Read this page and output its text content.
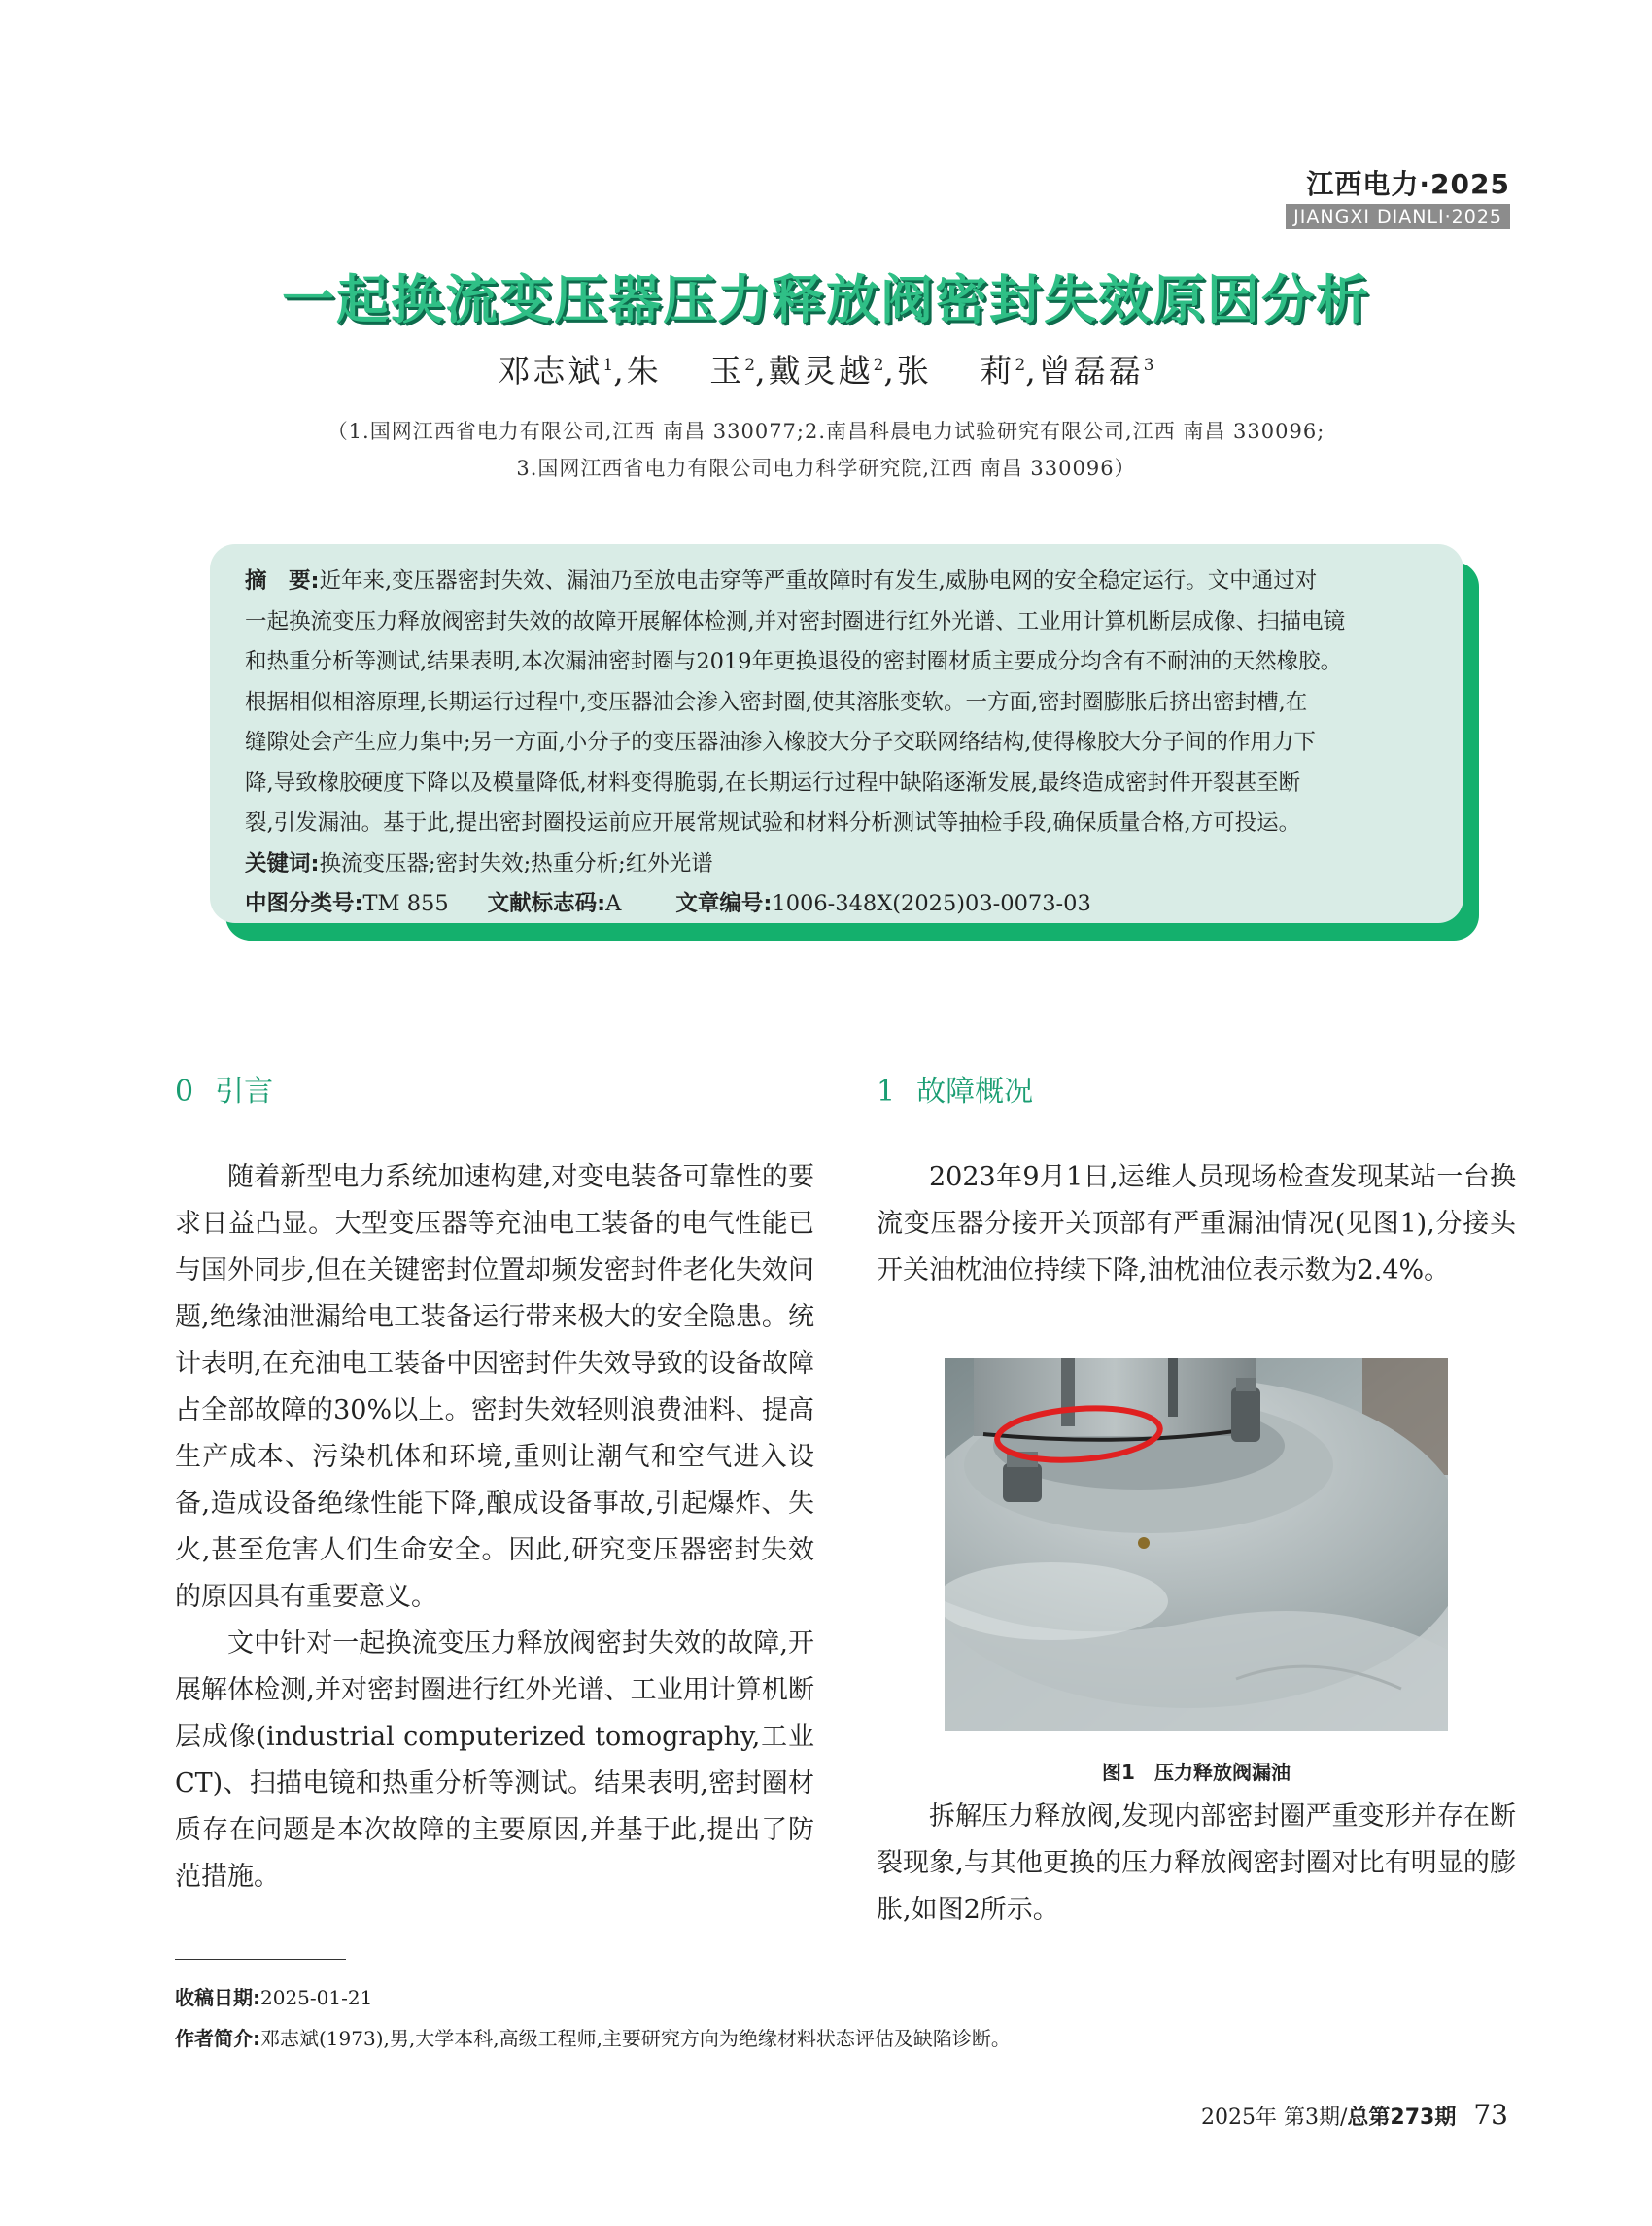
江西电力·2025
JIANGXI DIANLI·2025
一起换流变压器压力释放阀密封失效原因分析
邓志斌$^1$,朱　 玉$^2$,戴灵越$^2$,张　 莉$^2$,曾磊磊$^3$
（1.国网江西省电力有限公司,江西 南昌 330077;2.南昌科晨电力试验研究有限公司,江西 南昌 330096;
3.国网江西省电力有限公司电力科学研究院,江西 南昌 330096）
摘　要:近年来,变压器密封失效、漏油乃至放电击穿等严重故障时有发生,威胁电网的安全稳定运行。文中通过对
一起换流变压力释放阀密封失效的故障开展解体检测,并对密封圈进行红外光谱、工业用计算机断层成像、扫描电镜
和热重分析等测试,结果表明,本次漏油密封圈与2019年更换退役的密封圈材质主要成分均含有不耐油的天然橡胶。
根据相似相溶原理,长期运行过程中,变压器油会渗入密封圈,使其溶胀变软。一方面,密封圈膨胀后挤出密封槽,在
缝隙处会产生应力集中;另一方面,小分子的变压器油渗入橡胶大分子交联网络结构,使得橡胶大分子间的作用力下
降,导致橡胶硬度下降以及模量降低,材料变得脆弱,在长期运行过程中缺陷逐渐发展,最终造成密封件开裂甚至断
裂,引发漏油。基于此,提出密封圈投运前应开展常规试验和材料分析测试等抽检手段,确保质量合格,方可投运。
关键词:换流变压器;密封失效;热重分析;红外光谱
中图分类号:TM 855 文献标志码:A 文章编号:1006-348X(2025)03-0073-03
0 引言

随着新型电力系统加速构建,对变电装备可靠性的要求日益凸显。大型变压器等充油电工装备的电气性能已与国外同步,但在关键密封位置却频发密封件老化失效问题,绝缘油泄漏给电工装备运行带来极大的安全隐患。统计表明,在充油电工装备中因密封件失效导致的设备故障占全部故障的30%以上。密封失效轻则浪费油料、提高生产成本、污染机体和环境,重则让潮气和空气进入设备,造成设备绝缘性能下降,酿成设备事故,引起爆炸、失火,甚至危害人们生命安全。因此,研究变压器密封失效的原因具有重要意义。

文中针对一起换流变压力释放阀密封失效的故障,开展解体检测,并对密封圈进行红外光谱、工业用计算机断层成像(industrial computerized tomography,工业CT)、扫描电镜和热重分析等测试。结果表明,密封圈材质存在问题是本次故障的主要原因,并基于此,提出了防范措施。

1 故障概况

2023年9月1日,运维人员现场检查发现某站一台换流变压器分接开关顶部有严重漏油情况(见图1),分接头开关油枕油位持续下降,油枕油位表示数为2.4%。

图1　压力释放阀漏油

拆解压力释放阀,发现内部密封圈严重变形并存在断裂现象,与其他更换的压力释放阀密封圈对比有明显的膨胀,如图2所示。

收稿日期:2025-01-21
作者简介:邓志斌(1973),男,大学本科,高级工程师,主要研究方向为绝缘材料状态评估及缺陷诊断。
2025年 第3期/总第273期 73
